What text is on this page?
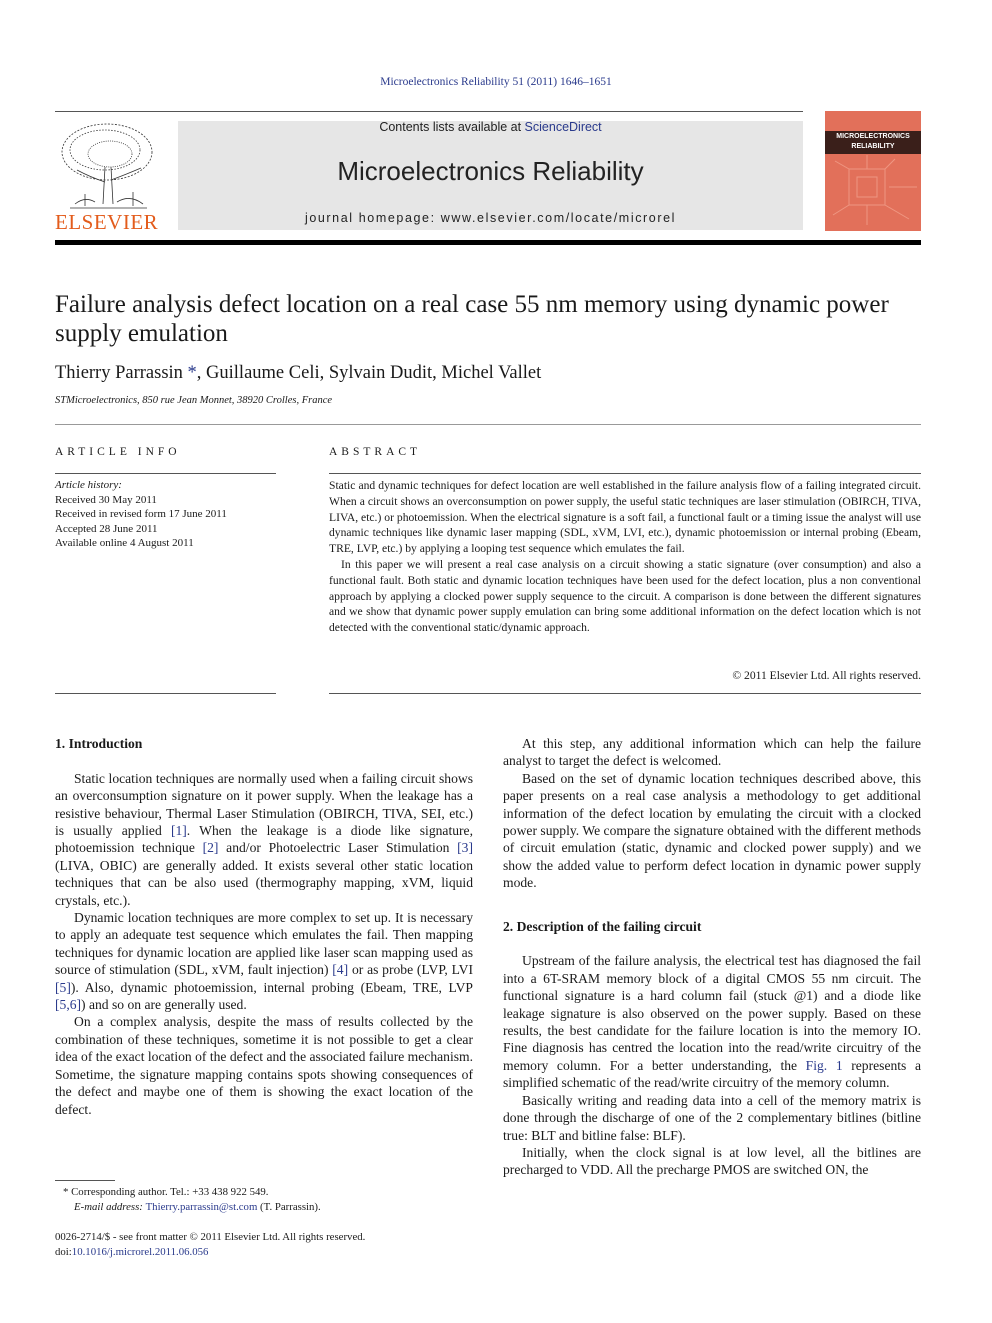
Microelectronics Reliability 51 (2011) 1646–1651
ELSEVIER
Contents lists available at ScienceDirect
Microelectronics Reliability
journal homepage: www.elsevier.com/locate/microrel
MICROELECTRONICS
RELIABILITY
Failure analysis defect location on a real case 55 nm memory using dynamic power supply emulation
Thierry Parrassin *, Guillaume Celi, Sylvain Dudit, Michel Vallet
STMicroelectronics, 850 rue Jean Monnet, 38920 Crolles, France
ARTICLE INFO	ABSTRACT
Article history:
Received 30 May 2011
Received in revised form 17 June 2011
Accepted 28 June 2011
Available online 4 August 2011

Static and dynamic techniques for defect location are well established in the failure analysis flow of a failing integrated circuit. When a circuit shows an overconsumption on power supply, the useful static techniques are laser stimulation (OBIRCH, TIVA, LIVA, etc.) or photoemission. When the electrical signature is a soft fail, a functional fault or a timing issue the analyst will use dynamic techniques like dynamic laser mapping (SDL, xVM, LVI, etc.), dynamic photoemission or internal probing (Ebeam, TRE, LVP, etc.) by applying a looping test sequence which emulates the fail.

In this paper we will present a real case analysis on a circuit showing a static signature (over consumption) and also a functional fault. Both static and dynamic location techniques have been used for the defect location, plus a non conventional approach by applying a clocked power supply sequence to the circuit. A comparison is done between the different signatures and we show that dynamic power supply emulation can bring some additional information on the defect location which is not detected with the conventional static/dynamic approach.

© 2011 Elsevier Ltd. All rights reserved.
1. Introduction

Static location techniques are normally used when a failing circuit shows an overconsumption signature on it power supply. When the leakage has a resistive behaviour, Thermal Laser Stimulation (OBIRCH, TIVA, SEI, etc.) is usually applied [1]. When the leakage is a diode like signature, photoemission technique [2] and/or Photoelectric Laser Stimulation [3] (LIVA, OBIC) are generally added. It exists several other static location techniques that can be also used (thermography mapping, xVM, liquid crystals, etc.).

Dynamic location techniques are more complex to set up. It is necessary to apply an adequate test sequence which emulates the fail. Then mapping techniques for dynamic location are applied like laser scan mapping used as source of stimulation (SDL, xVM, fault injection) [4] or as probe (LVP, LVI [5]). Also, dynamic photoemission, internal probing (Ebeam, TRE, LVP [5,6]) and so on are generally used.

On a complex analysis, despite the mass of results collected by the combination of these techniques, sometime it is not possible to get a clear idea of the exact location of the defect and the associated failure mechanism. Sometime, the signature mapping contains spots showing consequences of the defect and maybe one of them is showing the exact location of the defect.

At this step, any additional information which can help the failure analyst to target the defect is welcomed.

Based on the set of dynamic location techniques described above, this paper presents on a real case analysis a methodology to get additional information of the defect location by emulating the circuit with a clocked power supply. We compare the signature obtained with the different methods of circuit emulation (static, dynamic and clocked power supply) and we show the added value to perform defect location in dynamic power supply mode.

2. Description of the failing circuit

Upstream of the failure analysis, the electrical test has diagnosed the fail into a 6T-SRAM memory block of a digital CMOS 55 nm circuit. The functional signature is a hard column fail (stuck @1) and a diode like leakage signature is also observed on the power supply. Based on these results, the best candidate for the failure location is into the memory IO. Fine diagnosis has centred the location into the read/write circuitry of the memory column. For a better understanding, the Fig. 1 represents a simplified schematic of the read/write circuitry of the memory column.

Basically writing and reading data into a cell of the memory matrix is done through the discharge of one of the 2 complementary bitlines (bitline true: BLT and bitline false: BLF).

Initially, when the clock signal is at low level, all the bitlines are precharged to VDD. All the precharge PMOS are switched ON, the

* Corresponding author. Tel.: +33 438 922 549.
E-mail address: Thierry.parrassin@st.com (T. Parrassin).
0026-2714/$ - see front matter © 2011 Elsevier Ltd. All rights reserved.
doi:10.1016/j.microrel.2011.06.056
